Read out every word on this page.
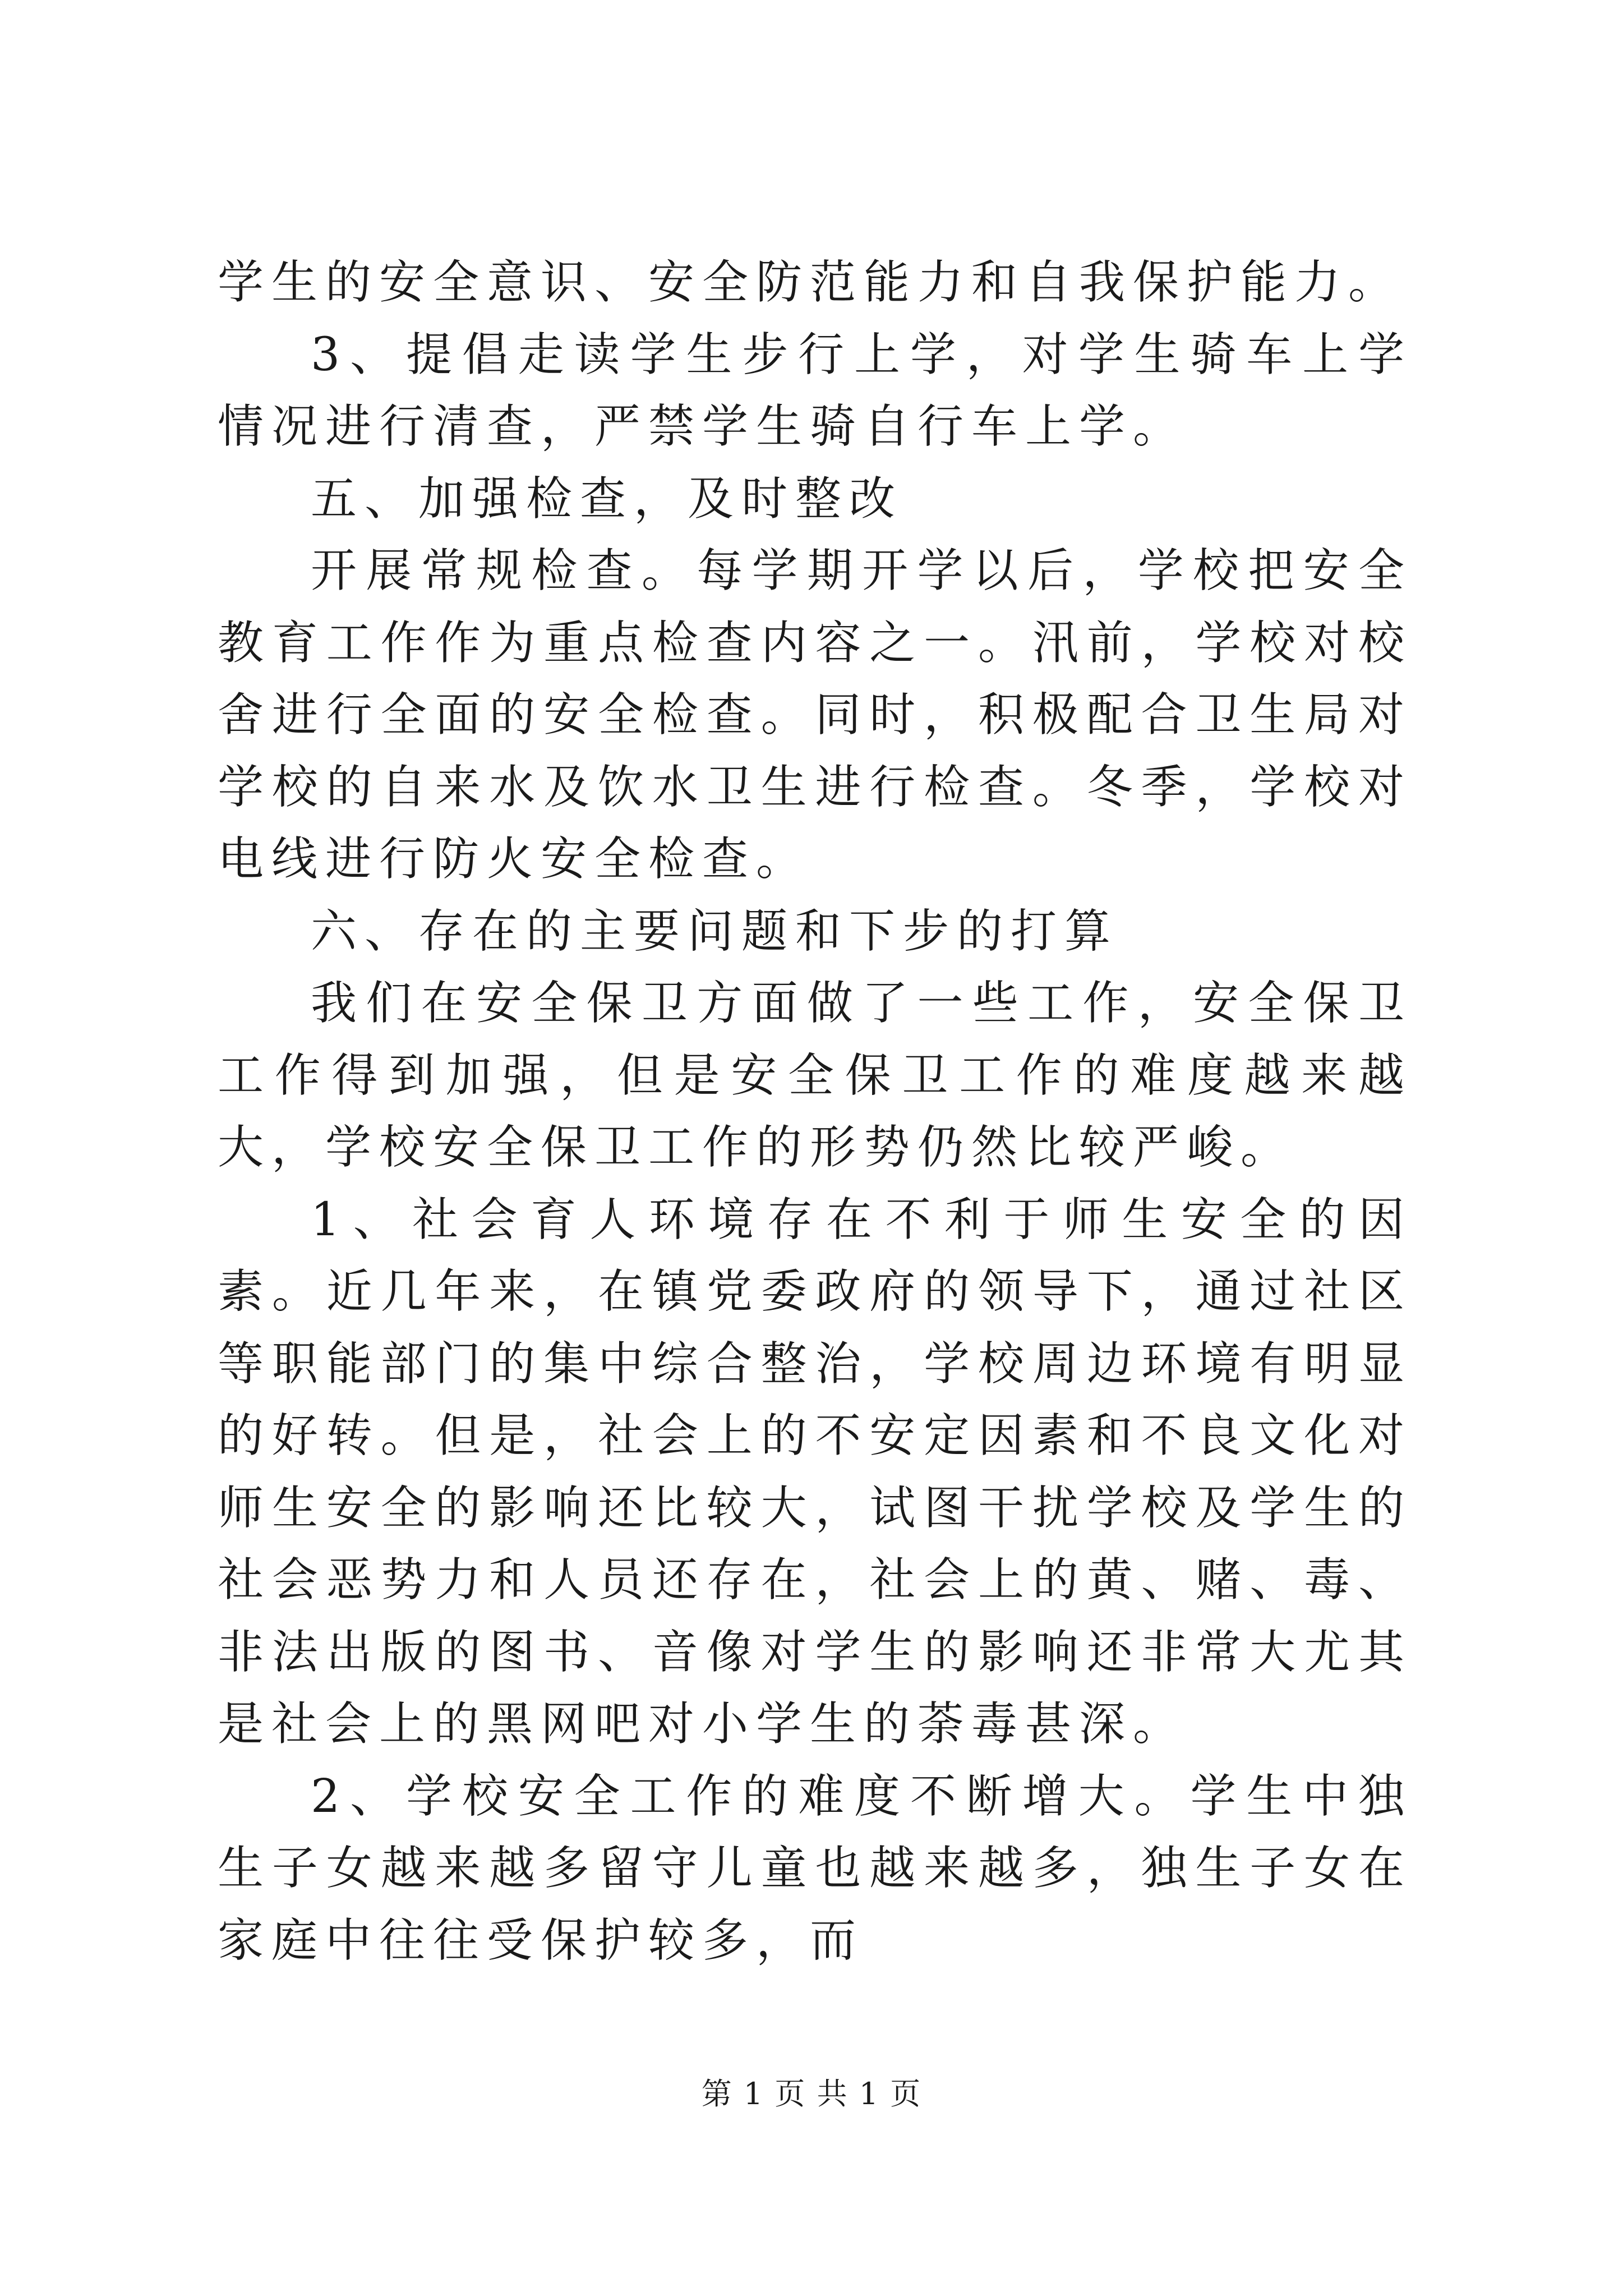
学生的安全意识、安全防范能力和自我保护能力。

3、提倡走读学生步行上学，对学生骑车上学情况进行清查，严禁学生骑自行车上学。

五、加强检查，及时整改

开展常规检查。每学期开学以后，学校把安全教育工作作为重点检查内容之一。汛前，学校对校舍进行全面的安全检查。同时，积极配合卫生局对学校的自来水及饮水卫生进行检查。冬季，学校对电线进行防火安全检查。

六、存在的主要问题和下步的打算

我们在安全保卫方面做了一些工作，安全保卫工作得到加强，但是安全保卫工作的难度越来越大，学校安全保卫工作的形势仍然比较严峻。

1、社会育人环境存在不利于师生安全的因素。近几年来，在镇党委政府的领导下，通过社区等职能部门的集中综合整治，学校周边环境有明显的好转。但是，社会上的不安定因素和不良文化对师生安全的影响还比较大，试图干扰学校及学生的社会恶势力和人员还存在，社会上的黄、赌、毒、非法出版的图书、音像对学生的影响还非常大尤其是社会上的黑网吧对小学生的荼毒甚深。

2、学校安全工作的难度不断增大。学生中独生子女越来越多留守儿童也越来越多，独生子女在家庭中往往受保护较多，而

第 1 页 共 1 页
